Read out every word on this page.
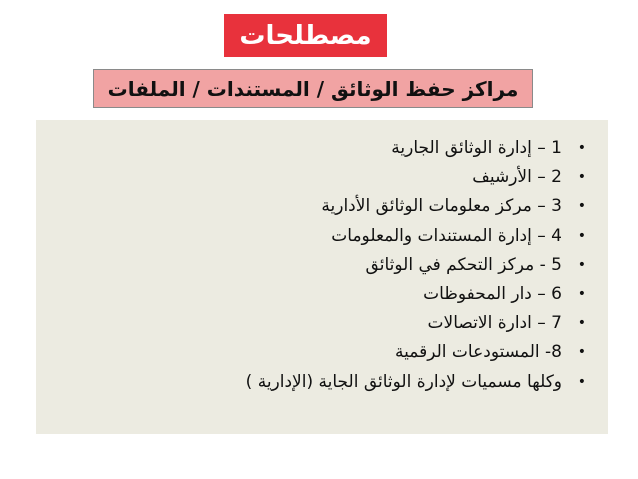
مصطلحات
مراكز حفظ الوثائق / المستندات / الملفات
•
1 – إدارة الوثائق الجارية
•
2 – الأرشيف
•
3 – مركز معلومات الوثائق الأدارية
•
4 – إدارة المستندات والمعلومات
•
5 - مركز التحكم في الوثائق
•
6 – دار المحفوظات
•
7 – ادارة الاتصالات
•
8- المستودعات الرقمية
•
وكلها مسميات لإدارة الوثائق الجاية (الإدارية )
